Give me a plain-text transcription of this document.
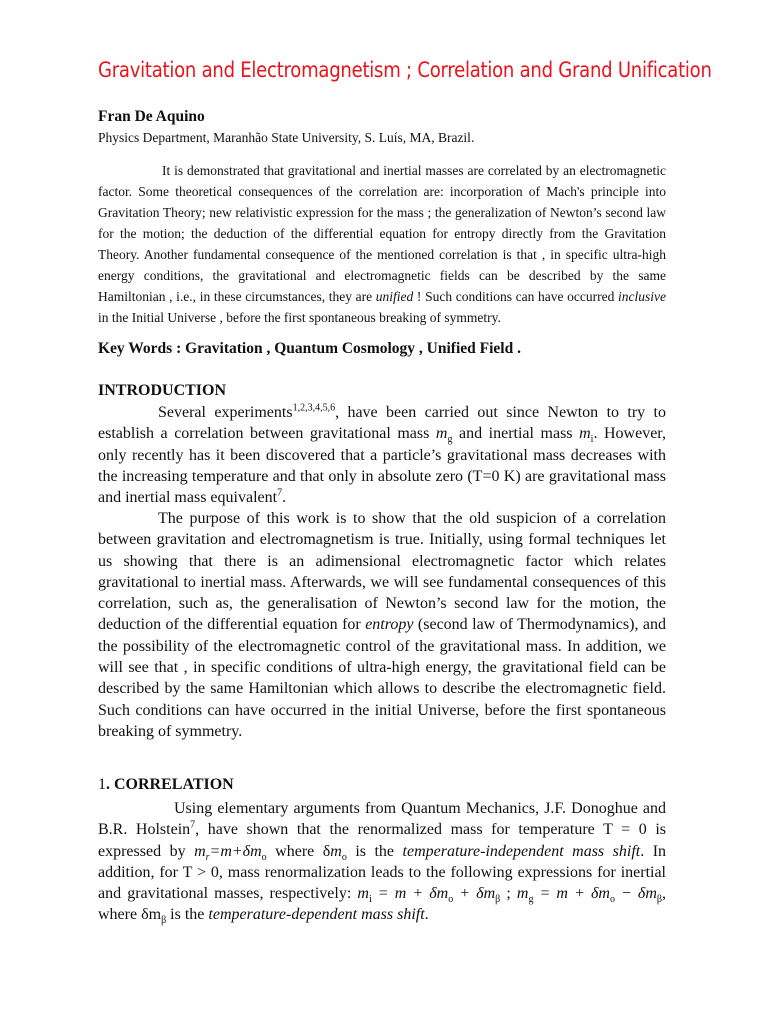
Gravitation and Electromagnetism ; Correlation and Grand Unification
Fran De Aquino
Physics Department, Maranhão State University, S. Luís, MA, Brazil.

It is demonstrated that gravitational and inertial masses are correlated by an electromagnetic factor. Some theoretical consequences of the correlation are: incorporation of Mach's principle into Gravitation Theory; new relativistic expression for the mass ; the generalization of Newton’s second law for the motion; the deduction of the differential equation for entropy directly from the Gravitation Theory. Another fundamental consequence of the mentioned correlation is that , in specific ultra-high energy conditions, the gravitational and electromagnetic fields can be described by the same Hamiltonian , i.e., in these circumstances, they are unified ! Such conditions can have occurred inclusive in the Initial Universe , before the first spontaneous breaking of symmetry.

Key Words : Gravitation , Quantum Cosmology , Unified Field .
INTRODUCTION

Several experiments$^{1,2,3,4,5,6}$, have been carried out since Newton to try to establish a correlation between gravitational mass $m_g$ and inertial mass $m_i$. However, only recently has it been discovered that a particle’s gravitational mass decreases with the increasing temperature and that only in absolute zero (T=0 K) are gravitational mass and inertial mass equivalent$^7$.

The purpose of this work is to show that the old suspicion of a correlation between gravitation and electromagnetism is true. Initially, using formal techniques let us showing that there is an adimensional electromagnetic factor which relates gravitational to inertial mass. Afterwards, we will see fundamental consequences of this correlation, such as, the generalisation of Newton’s second law for the motion, the deduction of the differential equation for entropy (second law of Thermodynamics), and the possibility of the electromagnetic control of the gravitational mass. In addition, we will see that , in specific conditions of ultra-high energy, the gravitational field can be described by the same Hamiltonian which allows to describe the electromagnetic field. Such conditions can have occurred in the initial Universe, before the first spontaneous breaking of symmetry.

1. CORRELATION

Using elementary arguments from Quantum Mechanics, J.F. Donoghue and B.R. Holstein$^7$, have shown that the renormalized mass for temperature T = 0 is expressed by $m_r=m+\delta m_o$ where $\delta m_o$ is the temperature-independent mass shift. In addition, for T > 0, mass renormalization leads to the following expressions for inertial and gravitational masses, respectively: $m_i = m + \delta m_o + \delta m_\beta$ ; $m_g = m + \delta m_o - \delta m_\beta$, where $\delta m_\beta$ is the temperature-dependent mass shift.
